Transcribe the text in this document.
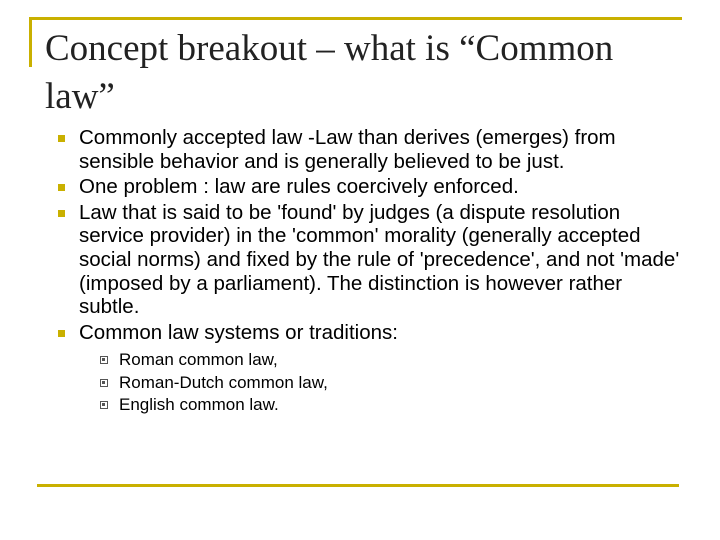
Concept breakout – what is “Common law”
Commonly accepted law -Law than derives (emerges) from sensible behavior and is generally believed to be just.
One problem : law are rules coercively enforced.
Law that is said to be 'found' by judges (a dispute resolution service provider) in the 'common' morality (generally accepted social norms) and fixed by the rule of 'precedence', and not 'made' (imposed by a parliament). The distinction is however rather subtle.
Common law systems or traditions:
Roman common law,
Roman-Dutch common law,
English common law.
